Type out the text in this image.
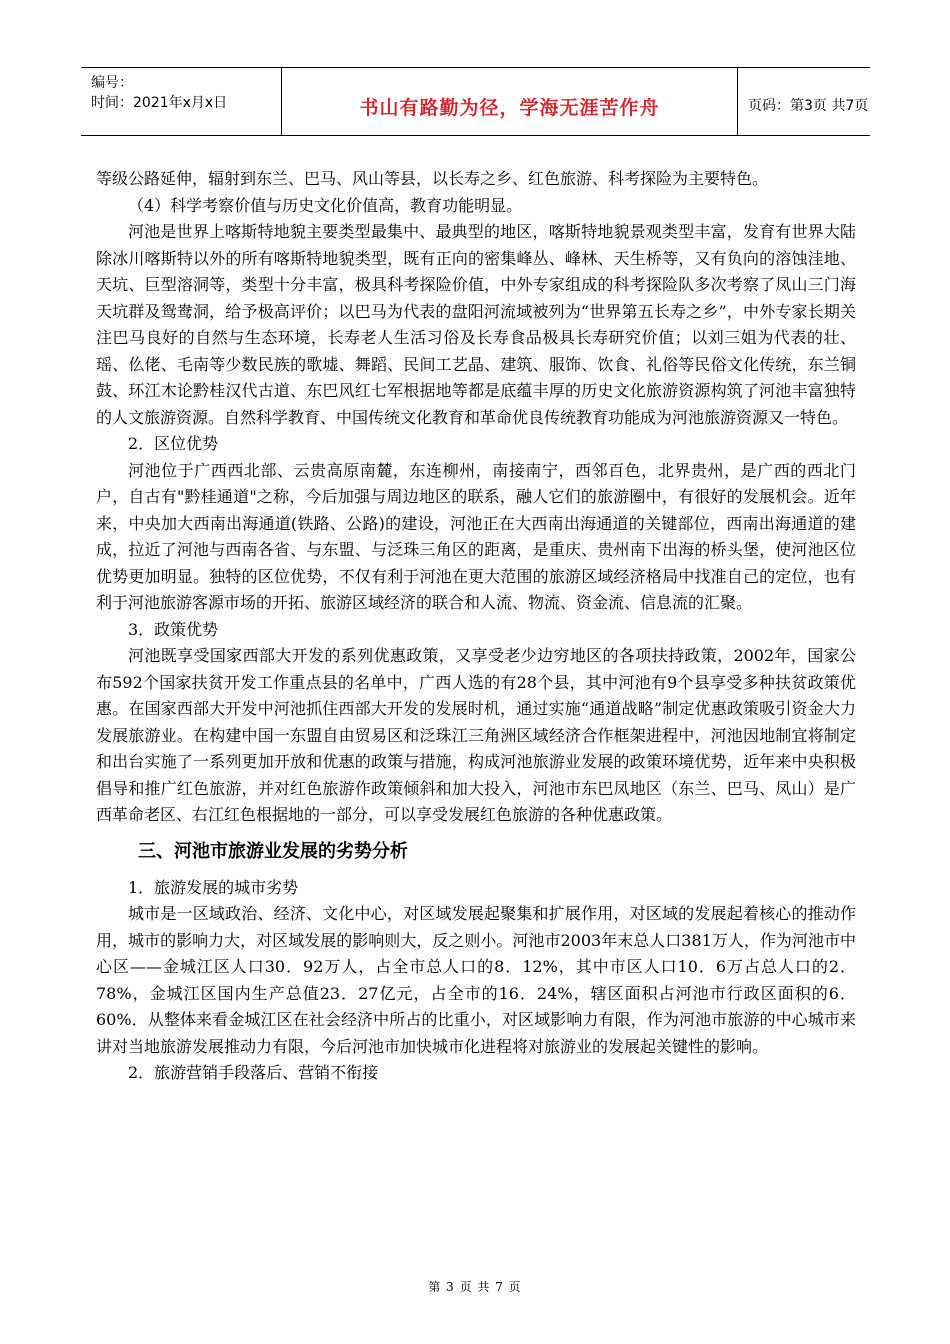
编号：
时间：2021年x月x日	书山有路勤为径，学海无涯苦作舟	页码：第3页 共7页

等级公路延伸，辐射到东兰、巴马、风山等县，以长寿之乡、红色旅游、科考探险为主要特色。

（4）科学考察价值与历史文化价值高，教育功能明显。

河池是世界上喀斯特地貌主要类型最集中、最典型的地区，喀斯特地貌景观类型丰富，发育有世界大陆除冰川喀斯特以外的所有喀斯特地貌类型，既有正向的密集峰丛、峰林、天生桥等，又有负向的溶蚀洼地、天坑、巨型溶洞等，类型十分丰富，极具科考探险价值，中外专家组成的科考探险队多次考察了凤山三门海天坑群及鸳鸯洞，给予极高评价；以巴马为代表的盘阳河流域被列为“世界第五长寿之乡”，中外专家长期关注巴马良好的自然与生态环境，长寿老人生活习俗及长寿食品极具长寿研究价值；以刘三姐为代表的壮、瑶、仫佬、毛南等少数民族的歌墟、舞蹈、民间工艺晶、建筑、服饰、饮食、礼俗等民俗文化传统，东兰铜鼓、环江木论黔桂汉代古道、东巴风红七军根据地等都是底蕴丰厚的历史文化旅游资源构筑了河池丰富独特的人文旅游资源。自然科学教育、中国传统文化教育和革命优良传统教育功能成为河池旅游资源又一特色。

2．区位优势

河池位于广西西北部、云贵高原南麓，东连柳州，南接南宁，西邻百色，北界贵州，是广西的西北门户，自古有"黔桂通道"之称，今后加强与周边地区的联系，融人它们的旅游圈中，有很好的发展机会。近年来，中央加大西南出海通道(铁路、公路)的建设，河池正在大西南出海通道的关键部位，西南出海通道的建成，拉近了河池与西南各省、与东盟、与泛珠三角区的距离，是重庆、贵州南下出海的桥头堡，使河池区位优势更加明显。独特的区位优势，不仅有利于河池在更大范围的旅游区域经济格局中找准自己的定位，也有利于河池旅游客源市场的开拓、旅游区域经济的联合和人流、物流、资金流、信息流的汇聚。

3．政策优势

河池既享受国家西部大开发的系列优惠政策，又享受老少边穷地区的各项扶持政策，2002年，国家公布592个国家扶贫开发工作重点县的名单中，广西人选的有28个县，其中河池有9个县享受多种扶贫政策优惠。在国家西部大开发中河池抓住西部大开发的发展时机，通过实施“通道战略”制定优惠政策吸引资金大力发展旅游业。在构建中国一东盟自由贸易区和泛珠江三角洲区域经济合作框架进程中，河池因地制宜将制定和出台实施了一系列更加开放和优惠的政策与措施，构成河池旅游业发展的政策环境优势，近年来中央积极倡导和推广红色旅游，并对红色旅游作政策倾斜和加大投入，河池市东巴凤地区（东兰、巴马、凤山）是广西革命老区、右江红色根据地的一部分，可以享受发展红色旅游的各种优惠政策。

三、河池市旅游业发展的劣势分析

1．旅游发展的城市劣势

城市是一区域政治、经济、文化中心，对区域发展起聚集和扩展作用，对区域的发展起着核心的推动作用，城市的影响力大，对区域发展的影响则大，反之则小。河池市2003年末总人口381万人，作为河池市中心区——金城江区人口30．92万人，占全市总人口的8．12%，其中市区人口10．6万占总人口的2．78%，金城江区国内生产总值23．27亿元，占全市的16．24%，辖区面积占河池市行政区面积的6．60%．从整体来看金城江区在社会经济中所占的比重小，对区域影响力有限，作为河池市旅游的中心城市来讲对当地旅游发展推动力有限，今后河池市加快城市化进程将对旅游业的发展起关键性的影响。

2．旅游营销手段落后、营销不衔接

第 3 页 共 7 页
